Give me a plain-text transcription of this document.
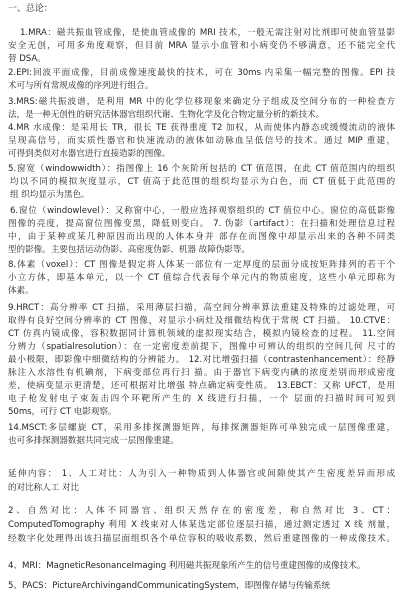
一、总论：
1.MRA：磁共振血管成像，是使血管成像的 MRI 技术，一般无需注射对比剂即可使血管显影
安全无创，可用多角度观察，但目前 MRA 显示小血管和小病变仍不够满意，还不能完全代
替 DSA。
2.EPI:回波平面成像，目前成像速度最快的技术，可在 30ms 内采集一幅完整的图像。EPI 技
术可与所有常规成像的序列进行组合。
3.MRS:磁共振波谱，是利用 MR 中的化学位移现象来确定分子组成及空间分布的一种检查方
法，是一种无创性的研究活体器官组织代谢、生物化学及化合物定量分析的新技术。
4.MR 水成像：是采用长 TR，很长 TE 获得重度 T2 加权，从而使体内静态或缓慢流动的液体
呈现高信号，而实质性器官和快速流动的液体如动脉血呈低信号的技术。通过 MIP 重建，
可得到类似对水器官进行直接造影的图像。
5.窗宽（windowwidth）：指图像上 16 个灰阶所包括的 CT 值范围，在此 CT 值范围内的组织
均以不同的模拟灰度显示，CT 值高于此范围的组织均显示为白色，而 CT 值低于此范围的
组 织均显示为黑色。
6.窗位（windowlevel）：又称窗中心，一般应选择观察组织的 CT 值位中心。窗位的高低影像
图像的亮度，提高窗位图像变黑，降低则变白。 7. 伪影（artifact）：在扫描和处理信息过程
中，由于某种或某几种原因而出现的人体本身并 部存在而图像中却显示出来的各种不同类
型的影像。主要包括运动伪影、高密度伪影、机器 故障伪影等。
8.体素（voxel）：CT 图像是假定将人体某一部位有一定厚度的层面分成按矩阵排列的若干个
小立方体，即基本单元，以一个 CT 值综合代表每个单元内的物质密度，这些小单元即称为
体素。
9.HRCT：高分辨率 CT 扫描，采用薄层扫描，高空间分辨率算法重建及特殊的过滤处理，可
取得有良好空间分辨率的 CT 图像，对显示小病灶及细微结构优于常规 CT 扫描。 10.CTVE：
CT 仿真内镜成像，容积数据同计算机领域的虚拟现实结合，模拟内镜检查的过程。 11.空间
分辨力（spatialresolution）：在一定密度差前提下，图像中可辨认的组织的空间几何 尺寸的
最小极限，即影像中细微结构的分辨能力。 12.对比增强扫描（contrastenhancement）：经静
脉注入水溶性有机碘剂，下病变部位再行扫 描。由于器官下病变内碘的浓度差别而形成密度
差，使病变显示更清楚，还可根据对比增强 特点确定病变性质。 13.EBCT：又称 UFCT，是用
电子枪发射电子束轰击四个环靶所产生的 X 线进行扫描，一个 层面的扫描时间可短到
50ms，可行 CT 电影观察。
14.MSCT:多层螺旋 CT，采用多排探测器矩阵，每排探测器矩阵可单独完成一层图像重建，
也可多排探测器数据共同完成一层图像重建。
延伸内容： 1、人工对比：人为引入一种物质到人体器官或间隙使其产生密度差异而形成
的对比称人工 对比
2、自然对比：人体不同器官、组织天然存在的密度差，称自然对比 3、CT：
ComputedTomography 利用 X 线束对人体某选定部位逐层扫描，通过测定透过 X 线 剂量，
经数字化处理得出该扫描层面组织各个单位容积的吸收系数，然后重建图像的一种成像技术。
4、MRI：MagneticResonanceImaging 利用磁共振现象所产生的信号重建图像的成像技术。
5、PACS：PictureArchivingandCommunicatingSystem，即图像存储与传输系统
